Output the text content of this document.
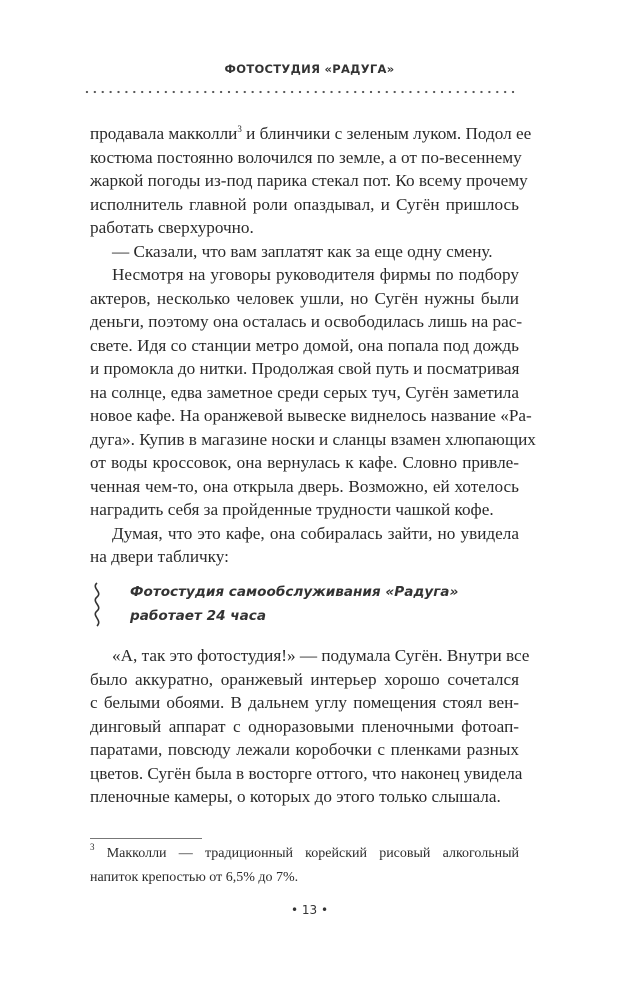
ФОТОСТУДИЯ «РАДУГА»
продавала макколли$^3$ и блинчики с зеленым луком. Подол ее
костюма постоянно волочился по земле, а от по-весеннему
жаркой погоды из-под парика стекал пот. Ко всему прочему
исполнитель главной роли опаздывал, и Сугён пришлось
работать сверхурочно.
— Сказали, что вам заплатят как за еще одну смену.
Несмотря на уговоры руководителя фирмы по подбору
актеров, несколько человек ушли, но Сугён нужны были
деньги, поэтому она осталась и освободилась лишь на рас-
свете. Идя со станции метро домой, она попала под дождь
и промокла до нитки. Продолжая свой путь и посматривая
на солнце, едва заметное среди серых туч, Сугён заметила
новое кафе. На оранжевой вывеске виднелось название «Ра-
дуга». Купив в магазине носки и сланцы взамен хлюпающих
от воды кроссовок, она вернулась к кафе. Словно привле-
ченная чем-то, она открыла дверь. Возможно, ей хотелось
наградить себя за пройденные трудности чашкой кофе.
Думая, что это кафе, она собиралась зайти, но увидела
на двери табличку:
Фотостудия самообслуживания «Радуга»
работает 24 часа
«А, так это фотостудия!» — подумала Сугён. Внутри все
было аккуратно, оранжевый интерьер хорошо сочетался
с белыми обоями. В дальнем углу помещения стоял вен-
динговый аппарат с одноразовыми пленочными фотоап-
паратами, повсюду лежали коробочки с пленками разных
цветов. Сугён была в восторге оттого, что наконец увидела
пленочные камеры, о которых до этого только слышала.
$^3$ Макколли — традиционный корейский рисовый алкогольный
напиток крепостью от 6,5% до 7%.
• 13 •
